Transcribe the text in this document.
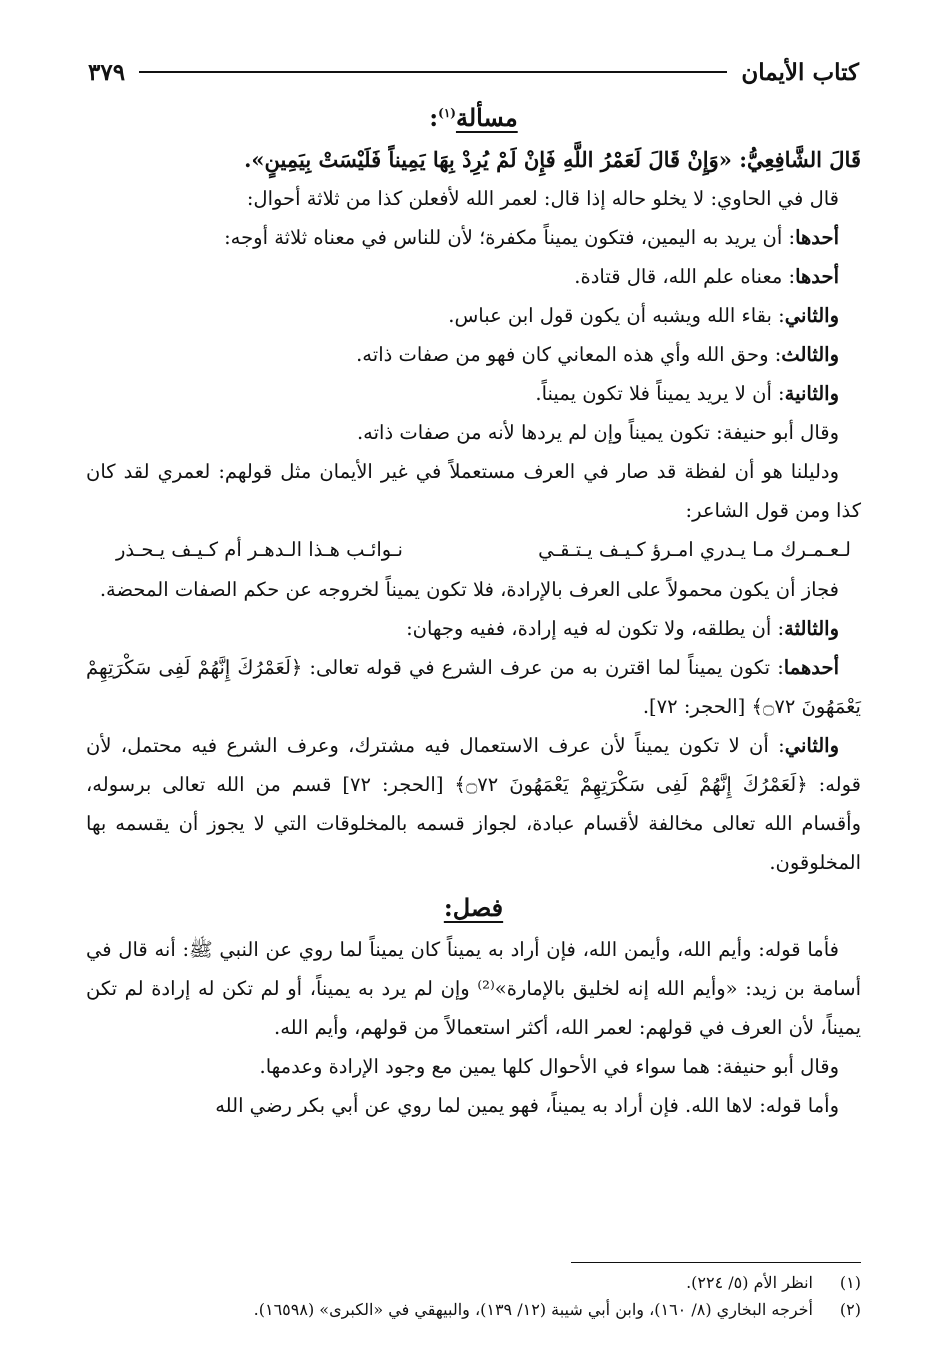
كتاب الأيمان
٣٧٩

مسألة$^{(١)}$:

قَالَ الشَّافِعِيُّ: «وَإِنْ قَالَ لَعَمْرُ اللَّهِ فَإِنْ لَمْ يُرِدْ بِهَا يَمِيناً فَلَيْسَتْ بِيَمِينٍ».

قال في الحاوي: لا يخلو حاله إذا قال: لعمر الله لأفعلن كذا من ثلاثة أحوال:

أحدها: أن يريد به اليمين، فتكون يميناً مكفرة؛ لأن للناس في معناه ثلاثة أوجه:

أحدها: معناه علم الله، قال قتادة.

والثاني: بقاء الله ويشبه أن يكون قول ابن عباس.

والثالث: وحق الله وأي هذه المعاني كان فهو من صفات ذاته.

والثانية: أن لا يريد يميناً فلا تكون يميناً.

وقال أبو حنيفة: تكون يميناً وإن لم يردها لأنه من صفات ذاته.

ودليلنا هو أن لفظة قد صار في العرف مستعملاً في غير الأيمان مثل قولهم: لعمري لقد كان كذا ومن قول الشاعر:

لـعـمـرك مـا يـدري امـرؤ كـيـف يـتـقـي
نـوائـب هـذا الـدهـر أم كـيـف يـحـذر

فجاز أن يكون محمولاً على العرف بالإرادة، فلا تكون يميناً لخروجه عن حكم الصفات المحضة.

والثالثة: أن يطلقه، ولا تكون له فيه إرادة، ففيه وجهان:

أحدهما: تكون يميناً لما اقترن به من عرف الشرع في قوله تعالى: ﴿لَعَمْرُكَ إِنَّهُمْ لَفِى سَكْرَتِهِمْ يَعْمَهُونَ ۝٧٢﴾ [الحجر: ٧٢].

والثاني: أن لا تكون يميناً لأن عرف الاستعمال فيه مشترك، وعرف الشرع فيه محتمل، لأن قوله: ﴿لَعَمْرُكَ إِنَّهُمْ لَفِى سَكْرَتِهِمْ يَعْمَهُونَ ۝٧٢﴾ [الحجر: ٧٢] قسم من الله تعالى برسوله، وأقسام الله تعالى مخالفة لأقسام عبادة، لجواز قسمه بالمخلوقات التي لا يجوز أن يقسمه بها المخلوقون.

فصل:

فأما قوله: وأيم الله، وأيمن الله، فإن أراد به يميناً كان يميناً لما روي عن النبي ﷺ: أنه قال في أسامة بن زيد: «وأيم الله إنه لخليق بالإمارة»⁽²⁾ وإن لم يرد به يميناً، أو لم تكن له إرادة لم تكن يميناً، لأن العرف في قولهم: لعمر الله، أكثر استعمالاً من قولهم، وأيم الله.

وقال أبو حنيفة: هما سواء في الأحوال كلها يمين مع وجود الإرادة وعدمها.

وأما قوله: لاها الله. فإن أراد به يميناً، فهو يمين لما روي عن أبي بكر رضي الله

(١)
انظر الأم (٥/ ٢٢٤).
(٢)
أخرجه البخاري (٨/ ١٦٠)، وابن أبي شيبة (١٢/ ١٣٩)، والبيهقي في «الكبرى» (١٦٥٩٨).
